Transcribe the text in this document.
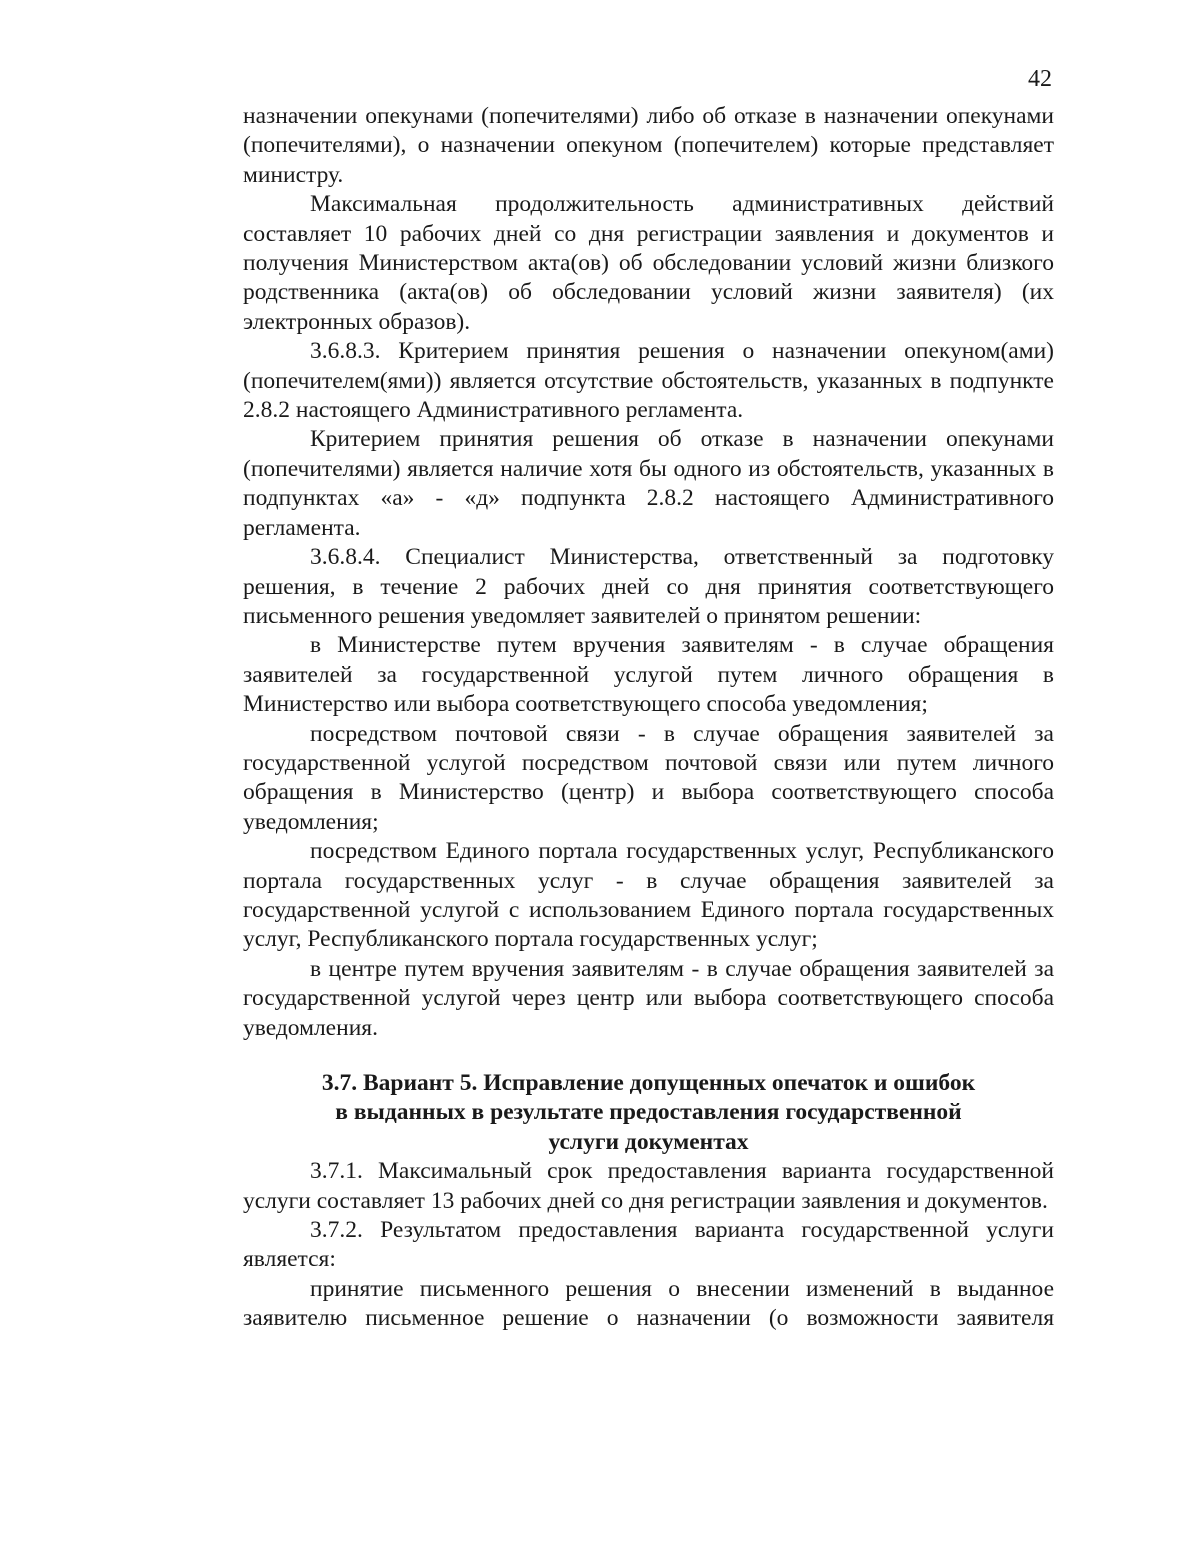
42

назначении опекунами (попечителями) либо об отказе в назначении опекунами (попечителями), о назначении опекуном (попечителем) которые представляет министру.

Максимальная продолжительность административных действий составляет 10 рабочих дней со дня регистрации заявления и документов и получения Министерством акта(ов) об обследовании условий жизни близкого родственника (акта(ов) об обследовании условий жизни заявителя) (их электронных образов).

3.6.8.3. Критерием принятия решения о назначении опекуном(ами) (попечителем(ями)) является отсутствие обстоятельств, указанных в подпункте 2.8.2 настоящего Административного регламента.

Критерием принятия решения об отказе в назначении опекунами (попечителями) является наличие хотя бы одного из обстоятельств, указанных в подпунктах «а» - «д» подпункта 2.8.2 настоящего Административного регламента.

3.6.8.4. Специалист Министерства, ответственный за подготовку решения, в течение 2 рабочих дней со дня принятия соответствующего письменного решения уведомляет заявителей о принятом решении:

в Министерстве путем вручения заявителям - в случае обращения заявителей за государственной услугой путем личного обращения в Министерство или выбора соответствующего способа уведомления;

посредством почтовой связи - в случае обращения заявителей за государственной услугой посредством почтовой связи или путем личного обращения в Министерство (центр) и выбора соответствующего способа уведомления;

посредством Единого портала государственных услуг, Республиканского портала государственных услуг - в случае обращения заявителей за государственной услугой с использованием Единого портала государственных услуг, Республиканского портала государственных услуг;

в центре путем вручения заявителям - в случае обращения заявителей за государственной услугой через центр или выбора соответствующего способа уведомления.

3.7. Вариант 5. Исправление допущенных опечаток и ошибок
в выданных в результате предоставления государственной
услуги документах

3.7.1. Максимальный срок предоставления варианта государственной услуги составляет 13 рабочих дней со дня регистрации заявления и документов.

3.7.2. Результатом предоставления варианта государственной услуги является:

принятие письменного решения о внесении изменений в выданное заявителю письменное решение о назначении (о возможности заявителя
